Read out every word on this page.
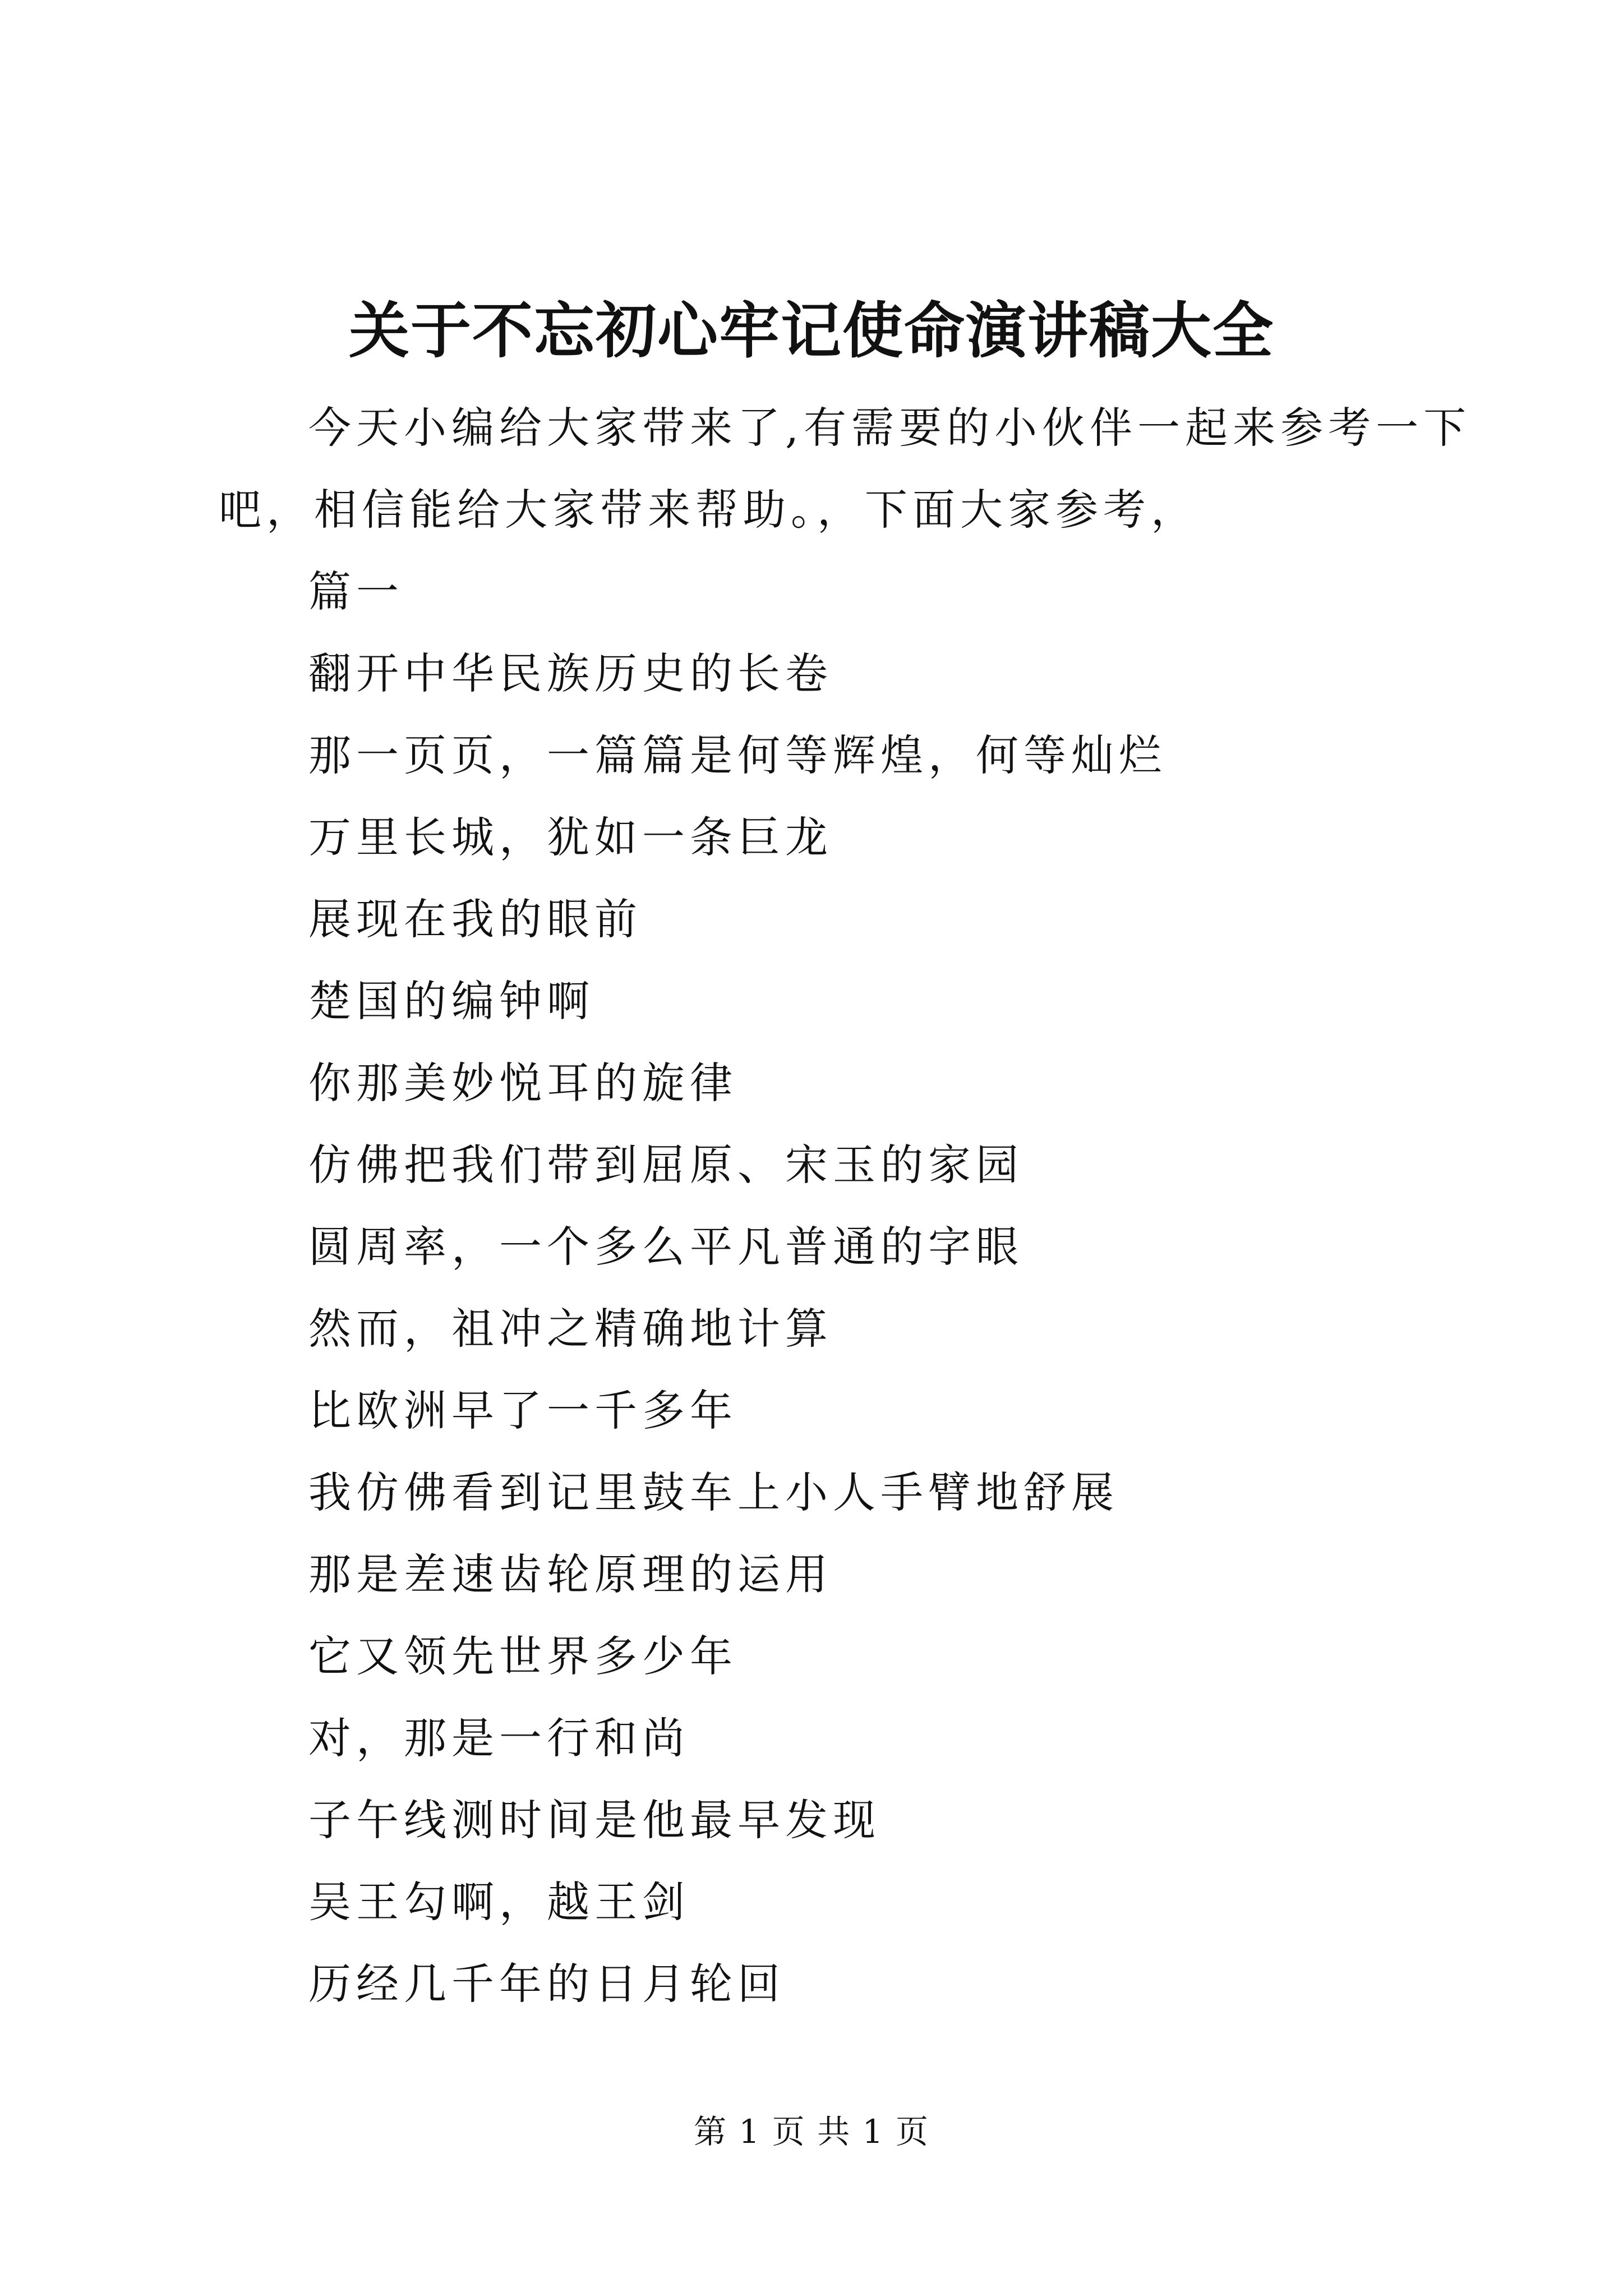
关于不忘初心牢记使命演讲稿大全

今天小编给大家带来了,有需要的小伙伴一起来参考一下吧，相信能给大家带来帮助。，下面大家参考，

篇一
翻开中华民族历史的长卷
那一页页，一篇篇是何等辉煌，何等灿烂
万里长城，犹如一条巨龙
展现在我的眼前
楚国的编钟啊
你那美妙悦耳的旋律
仿佛把我们带到屈原、宋玉的家园
圆周率，一个多么平凡普通的字眼
然而，祖冲之精确地计算
比欧洲早了一千多年
我仿佛看到记里鼓车上小人手臂地舒展
那是差速齿轮原理的运用
它又领先世界多少年
对，那是一行和尚
子午线测时间是他最早发现
吴王勾啊，越王剑
历经几千年的日月轮回
第 1 页 共 1 页
